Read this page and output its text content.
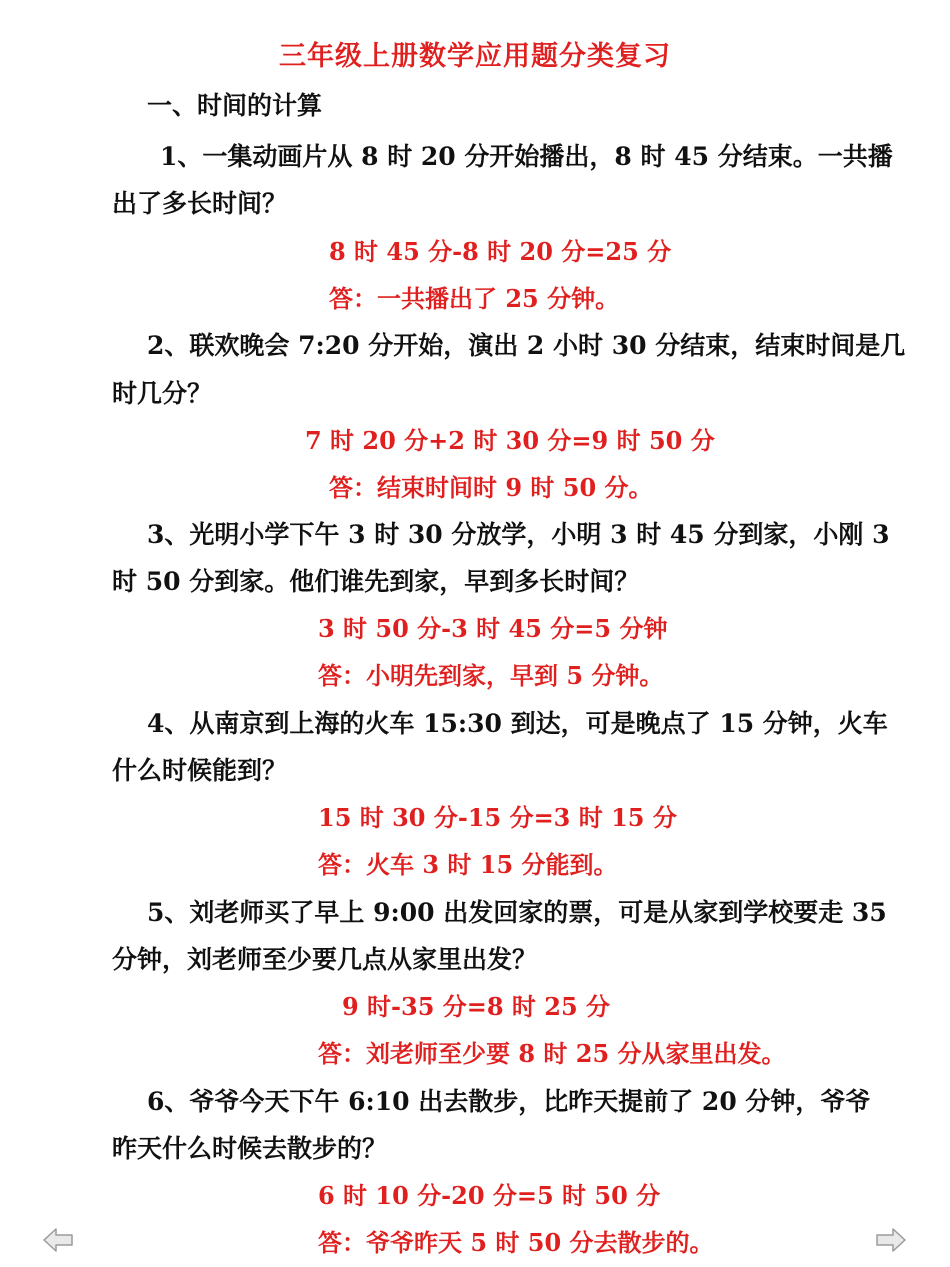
三年级上册数学应用题分类复习
一、时间的计算
1、一集动画片从 8 时 20 分开始播出，8 时 45 分结束。一共播
出了多长时间？
8 时 45 分-8 时 20 分=25 分
答：一共播出了 25 分钟。
2、联欢晚会 7:20 分开始，演出 2 小时 30 分结束，结束时间是几
时几分？
7 时 20 分+2 时 30 分=9 时 50 分
答：结束时间时 9 时 50 分。
3、光明小学下午 3 时 30 分放学，小明 3 时 45 分到家，小刚 3
时 50 分到家。他们谁先到家，早到多长时间？
3 时 50 分-3 时 45 分=5 分钟
答：小明先到家，早到 5 分钟。
4、从南京到上海的火车 15:30 到达，可是晚点了 15 分钟，火车
什么时候能到？
15 时 30 分-15 分=3 时 15 分
答：火车 3 时 15 分能到。
5、刘老师买了早上 9:00 出发回家的票，可是从家到学校要走 35
分钟，刘老师至少要几点从家里出发？
9 时-35 分=8 时 25 分
答：刘老师至少要 8 时 25 分从家里出发。
6、爷爷今天下午 6:10 出去散步，比昨天提前了 20 分钟，爷爷
昨天什么时候去散步的？
6 时 10 分-20 分=5 时 50 分
答：爷爷昨天 5 时 50 分去散步的。
